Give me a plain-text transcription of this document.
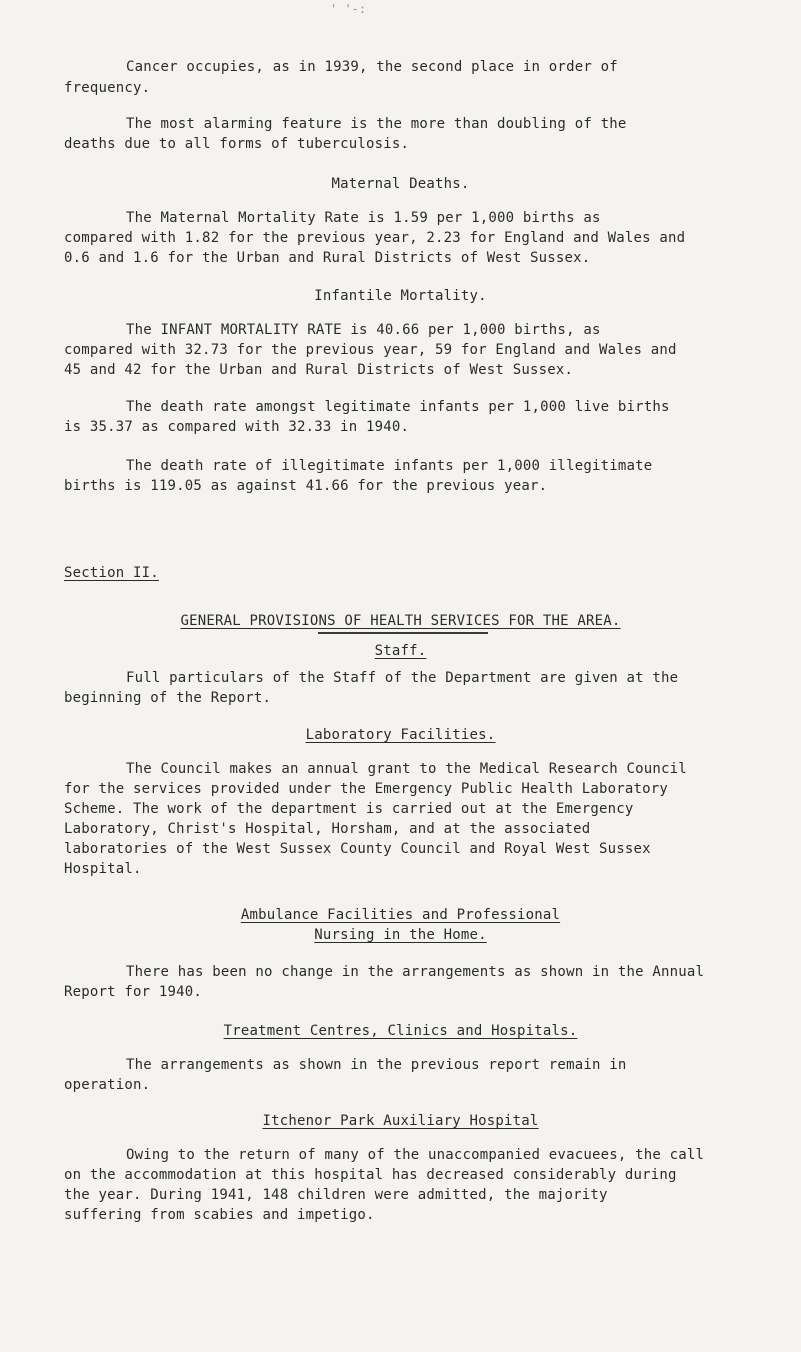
' '-:
Cancer occupies, as in 1939, the second place in order of
frequency.
The most alarming feature is the more than doubling of the
deaths due to all forms of tuberculosis.
Maternal Deaths.
The Maternal Mortality Rate is 1.59 per 1,000 births as
compared with 1.82 for the previous year, 2.23 for England and Wales and
0.6 and 1.6 for the Urban and Rural Districts of West Sussex.
Infantile Mortality.
The INFANT MORTALITY RATE is 40.66 per 1,000 births, as
compared with 32.73 for the previous year, 59 for England and Wales and
45 and 42 for the Urban and Rural Districts of West Sussex.
The death rate amongst legitimate infants per 1,000 live births
is 35.37 as compared with 32.33 in 1940.
The death rate of illegitimate infants per 1,000 illegitimate
births is 119.05 as against 41.66 for the previous year.
Section II.
GENERAL PROVISIONS OF HEALTH SERVICES FOR THE AREA.
Staff.
Full particulars of the Staff of the Department are given at the
beginning of the Report.
Laboratory Facilities.
The Council makes an annual grant to the Medical Research Council
for the services provided under the Emergency Public Health Laboratory
Scheme. The work of the department is carried out at the Emergency
Laboratory, Christ's Hospital, Horsham, and at the associated
laboratories of the West Sussex County Council and Royal West Sussex
Hospital.
Ambulance Facilities and Professional
Nursing in the Home.
There has been no change in the arrangements as shown in the Annual
Report for 1940.
Treatment Centres, Clinics and Hospitals.
The arrangements as shown in the previous report remain in
operation.
Itchenor Park Auxiliary Hospital
Owing to the return of many of the unaccompanied evacuees, the call
on the accommodation at this hospital has decreased considerably during
the year. During 1941, 148 children were admitted, the majority
suffering from scabies and impetigo.
